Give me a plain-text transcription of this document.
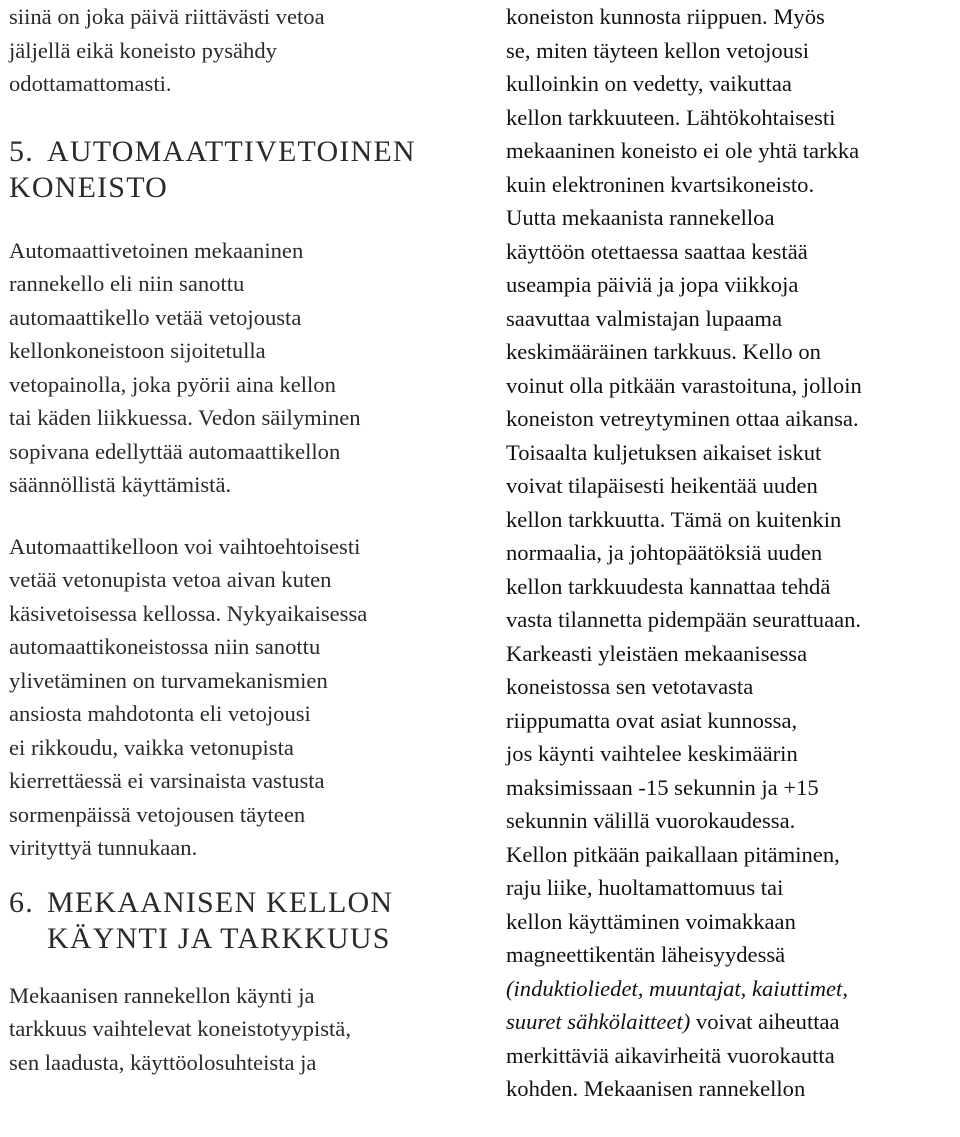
siinä on joka päivä riittävästi vetoa
jäljellä eikä koneisto pysähdy
odottamattomasti.
5. AUTOMAATTIVETOINEN
KONEISTO
Automaattivetoinen mekaaninen
rannekello eli niin sanottu
automaattikello vetää vetojousta
kellonkoneistoon sijoitetulla
vetopainolla, joka pyörii aina kellon
tai käden liikkuessa. Vedon säilyminen
sopivana edellyttää automaattikellon
säännöllistä käyttämistä.
Automaattikelloon voi vaihtoehtoisesti
vetää vetonupista vetoa aivan kuten
käsivetoisessa kellossa. Nykyaikaisessa
automaattikoneistossa niin sanottu
ylivetäminen on turvamekanismien
ansiosta mahdotonta eli vetojousi
ei rikkoudu, vaikka vetonupista
kierrettäessä ei varsinaista vastusta
sormenpäissä vetojousen täyteen
virityttyä tunnukaan.
6. MEKAANISEN KELLON
KÄYNTI JA TARKKUUS
Mekaanisen rannekellon käynti ja
tarkkuus vaihtelevat koneistotyypistä,
sen laadusta, käyttöolosuhteista ja
koneiston kunnosta riippuen. Myös
se, miten täyteen kellon vetojousi
kulloinkin on vedetty, vaikuttaa
kellon tarkkuuteen. Lähtökohtaisesti
mekaaninen koneisto ei ole yhtä tarkka
kuin elektroninen kvartsikoneisto.
Uutta mekaanista rannekelloa
käyttöön otettaessa saattaa kestää
useampia päiviä ja jopa viikkoja
saavuttaa valmistajan lupaama
keskimääräinen tarkkuus. Kello on
voinut olla pitkään varastoituna, jolloin
koneiston vetreytyminen ottaa aikansa.
Toisaalta kuljetuksen aikaiset iskut
voivat tilapäisesti heikentää uuden
kellon tarkkuutta. Tämä on kuitenkin
normaalia, ja johtopäätöksiä uuden
kellon tarkkuudesta kannattaa tehdä
vasta tilannetta pidempään seurattuaan.
Karkeasti yleistäen mekaanisessa
koneistossa sen vetotavasta
riippumatta ovat asiat kunnossa,
jos käynti vaihtelee keskimäärin
maksimissaan -15 sekunnin ja +15
sekunnin välillä vuorokaudessa.
Kellon pitkään paikallaan pitäminen,
raju liike, huoltamattomuus tai
kellon käyttäminen voimakkaan
magneettikentän läheisyydessä
(induktioliedet, muuntajat, kaiuttimet,
suuret sähkölaitteet) voivat aiheuttaa
merkittäviä aikavirheitä vuorokautta
kohden. Mekaanisen rannekellon
